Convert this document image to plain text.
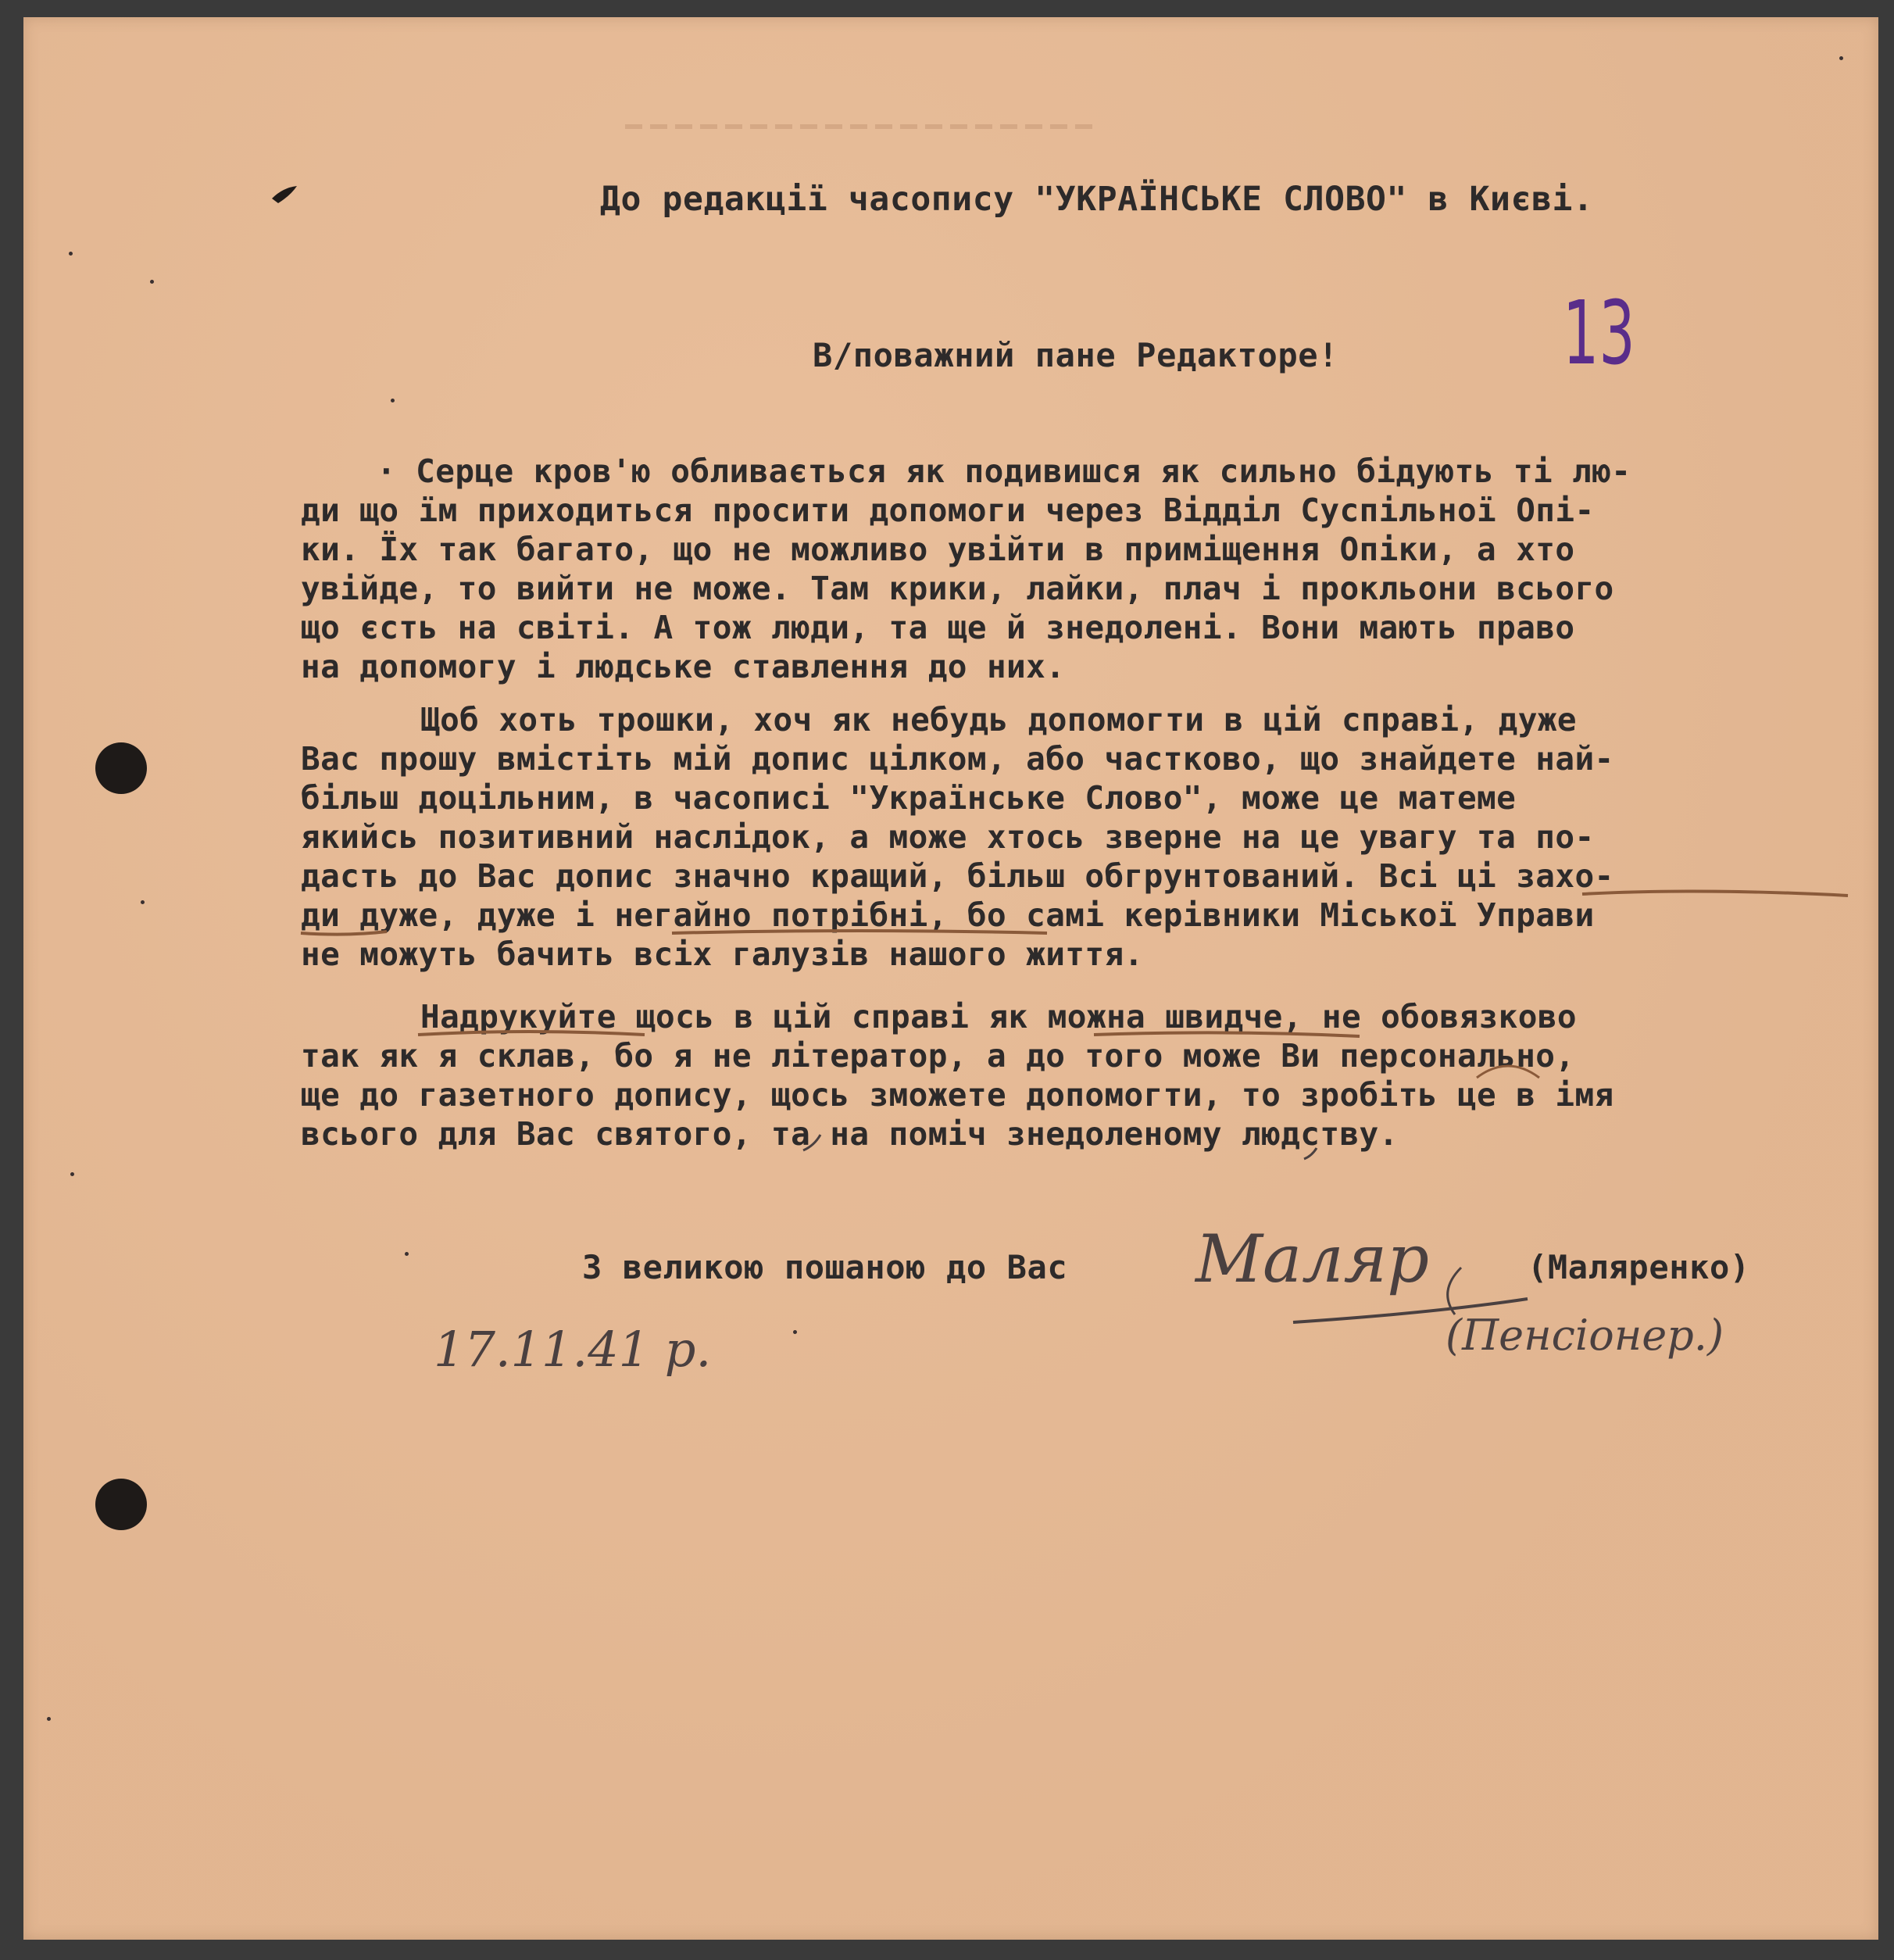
До редакції часопису "УКРАЇНСЬКЕ СЛОВО" в Києві.

13

В/поважний пане Редакторе!

· Серце кров'ю обливається як подивишся як сильно бідують ті лю-

ди що їм приходиться просити допомоги через Відділ Суспільної Опі-

ки. Їх так багато, що не можливо увійти в приміщення Опіки, а хто

увійде, то вийти не може. Там крики, лайки, плач і прокльони всього

що єсть на світі. А тож люди, та ще й знедолені. Вони мають право

на допомогу і людське ставлення до них.

Щоб хоть трошки, хоч як небудь допомогти в цій справі, дуже

Вас прошу вмістіть мій допис цілком, або частково, що знайдете най-

більш доцільним, в часописі "Українське Слово", може це матеме

якийсь позитивний наслідок, а може хтось зверне на це увагу та по-

дасть до Вас допис значно кращий, більш обгрунтований. Всі ці захо-

ди дуже, дуже і негайно потрібні, бо самі керівники Міської Управи

не можуть бачить всіх галузів нашого життя.

Надрукуйте щось в цій справі як можна швидче, не обовязково

так як я склав, бо я не літератор, а до того може Ви персонально,

ще до газетного допису, щось зможете допомогти, то зробіть це в імя

всього для Вас святого, та на поміч знедоленому людству.

З великою пошаною до Вас Маляр	(Маляренко)

(Пенсіонер.)
17.11.41 р.
